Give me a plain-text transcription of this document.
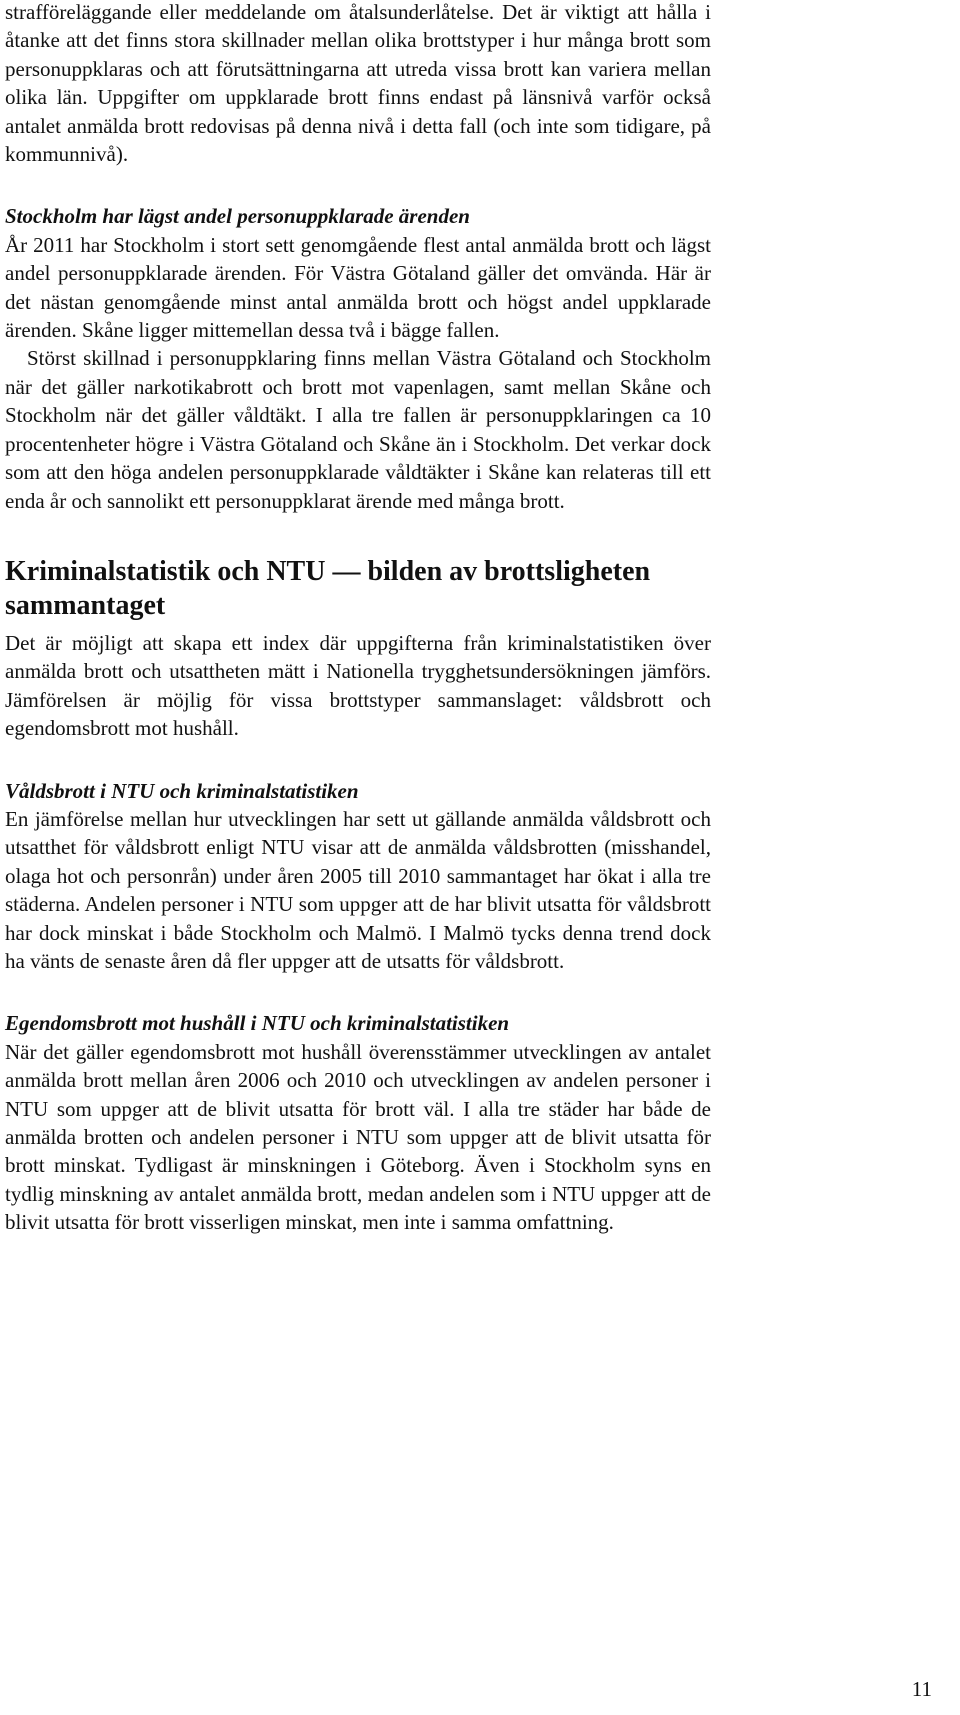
strafföreläggande eller meddelande om åtalsunderlåtelse. Det är viktigt att hålla i åtanke att det finns stora skillnader mellan olika brottstyper i hur många brott som personuppklaras och att förutsättningarna att utreda vissa brott kan variera mellan olika län. Uppgifter om uppklarade brott finns endast på länsnivå varför också antalet anmälda brott redovisas på denna nivå i detta fall (och inte som tidigare, på kommunnivå).

Stockholm har lägst andel personuppklarade ärenden

År 2011 har Stockholm i stort sett genomgående flest antal anmälda brott och lägst andel personuppklarade ärenden. För Västra Götaland gäller det omvända. Här är det nästan genomgående minst antal anmälda brott och högst andel uppklarade ärenden. Skåne ligger mittemellan dessa två i bägge fallen.

Störst skillnad i personuppklaring finns mellan Västra Götaland och Stockholm när det gäller narkotikabrott och brott mot vapenlagen, samt mellan Skåne och Stockholm när det gäller våldtäkt. I alla tre fallen är personuppklaringen ca 10 procentenheter högre i Västra Götaland och Skåne än i Stockholm. Det verkar dock som att den höga andelen personuppklarade våldtäkter i Skåne kan relateras till ett enda år och sannolikt ett personuppklarat ärende med många brott.

Kriminalstatistik och NTU — bilden av brottsligheten sammantaget

Det är möjligt att skapa ett index där uppgifterna från kriminalstatistiken över anmälda brott och utsattheten mätt i Nationella trygghetsundersökningen jämförs. Jämförelsen är möjlig för vissa brottstyper sammanslaget: våldsbrott och egendomsbrott mot hushåll.

Våldsbrott i NTU och kriminalstatistiken

En jämförelse mellan hur utvecklingen har sett ut gällande anmälda våldsbrott och utsatthet för våldsbrott enligt NTU visar att de anmälda våldsbrotten (misshandel, olaga hot och personrån) under åren 2005 till 2010 sammantaget har ökat i alla tre städerna. Andelen personer i NTU som uppger att de har blivit utsatta för våldsbrott har dock minskat i både Stockholm och Malmö. I Malmö tycks denna trend dock ha vänts de senaste åren då fler uppger att de utsatts för våldsbrott.

Egendomsbrott mot hushåll i NTU och kriminalstatistiken

När det gäller egendomsbrott mot hushåll överensstämmer utvecklingen av antalet anmälda brott mellan åren 2006 och 2010 och utvecklingen av andelen personer i NTU som uppger att de blivit utsatta för brott väl. I alla tre städer har både de anmälda brotten och andelen personer i NTU som uppger att de blivit utsatta för brott minskat. Tydligast är minskningen i Göteborg. Även i Stockholm syns en tydlig minskning av antalet anmälda brott, medan andelen som i NTU uppger att de blivit utsatta för brott visserligen minskat, men inte i samma omfattning.

11
